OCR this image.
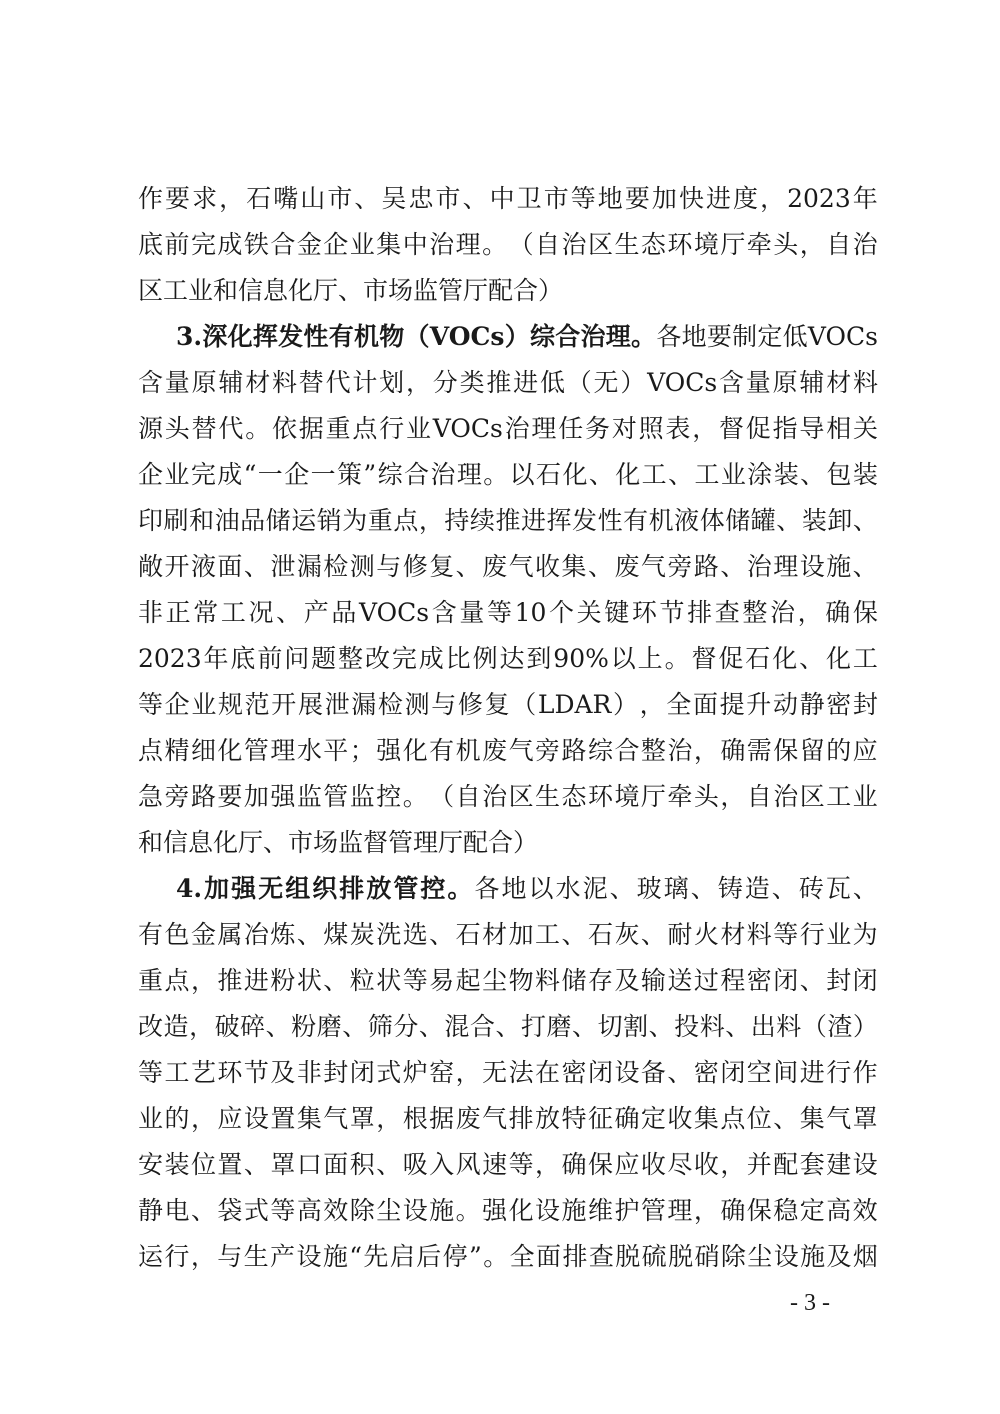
作 要 求 ， 石 嘴 山 市 、 吴 忠 市 、 中 卫 市 等 地 要 加 快 进 度 ， 2023 年
底 前 完 成 铁 合 金 企 业 集 中 治 理 。 （ 自 治 区 生 态 环 境 厅 牵 头 ， 自 治
区工业和信息化厅、市场监管厅配合）
3. 深 化 挥 发 性 有 机 物 （ VOCs ） 综 合 治 理 。 各 地 要 制 定 低 VOCs
含 量 原 辅 材 料 替 代 计 划 ， 分 类 推 进 低 （ 无 ） VOCs 含 量 原 辅 材 料
源 头 替 代 。 依 据 重 点 行 业 VOCs 治 理 任 务 对 照 表 ， 督 促 指 导 相 关
企 业 完 成 “ 一 企 一 策 ” 综 合 治 理 。 以 石 化 、 化 工 、 工 业 涂 装 、 包 装
印 刷 和 油 品 储 运 销 为 重 点 ， 持 续 推 进 挥 发 性 有 机 液 体 储 罐 、 装 卸 、
敞 开 液 面 、 泄 漏 检 测 与 修 复 、 废 气 收 集 、 废 气 旁 路 、 治 理 设 施 、
非 正 常 工 况 、 产 品 VOCs 含 量 等 10 个 关 键 环 节 排 查 整 治 ， 确 保
2023 年 底 前 问 题 整 改 完 成 比 例 达 到 90% 以 上 。 督 促 石 化 、 化 工
等 企 业 规 范 开 展 泄 漏 检 测 与 修 复 （ LDAR ） ， 全 面 提 升 动 静 密 封
点 精 细 化 管 理 水 平 ； 强 化 有 机 废 气 旁 路 综 合 整 治 ， 确 需 保 留 的 应
急 旁 路 要 加 强 监 管 监 控 。 （ 自 治 区 生 态 环 境 厅 牵 头 ， 自 治 区 工 业
和信息化厅、市场监督管理厅配合）
4. 加 强 无 组 织 排 放 管 控 。 各 地 以 水 泥 、 玻 璃 、 铸 造 、 砖 瓦 、
有 色 金 属 冶 炼 、 煤 炭 洗 选 、 石 材 加 工 、 石 灰 、 耐 火 材 料 等 行 业 为
重 点 ， 推 进 粉 状 、 粒 状 等 易 起 尘 物 料 储 存 及 输 送 过 程 密 闭 、 封 闭
改 造 ， 破 碎 、 粉 磨 、 筛 分 、 混 合 、 打 磨 、 切 割 、 投 料 、 出 料 （ 渣 ）
等 工 艺 环 节 及 非 封 闭 式 炉 窑 ， 无 法 在 密 闭 设 备 、 密 闭 空 间 进 行 作
业 的 ， 应 设 置 集 气 罩 ， 根 据 废 气 排 放 特 征 确 定 收 集 点 位 、 集 气 罩
安 装 位 置 、 罩 口 面 积 、 吸 入 风 速 等 ， 确 保 应 收 尽 收 ， 并 配 套 建 设
静 电 、 袋 式 等 高 效 除 尘 设 施 。 强 化 设 施 维 护 管 理 ， 确 保 稳 定 高 效
运 行 ， 与 生 产 设 施 “ 先 启 后 停 ” 。 全 面 排 查 脱 硫 脱 硝 除 尘 设 施 及 烟
- 3 -
